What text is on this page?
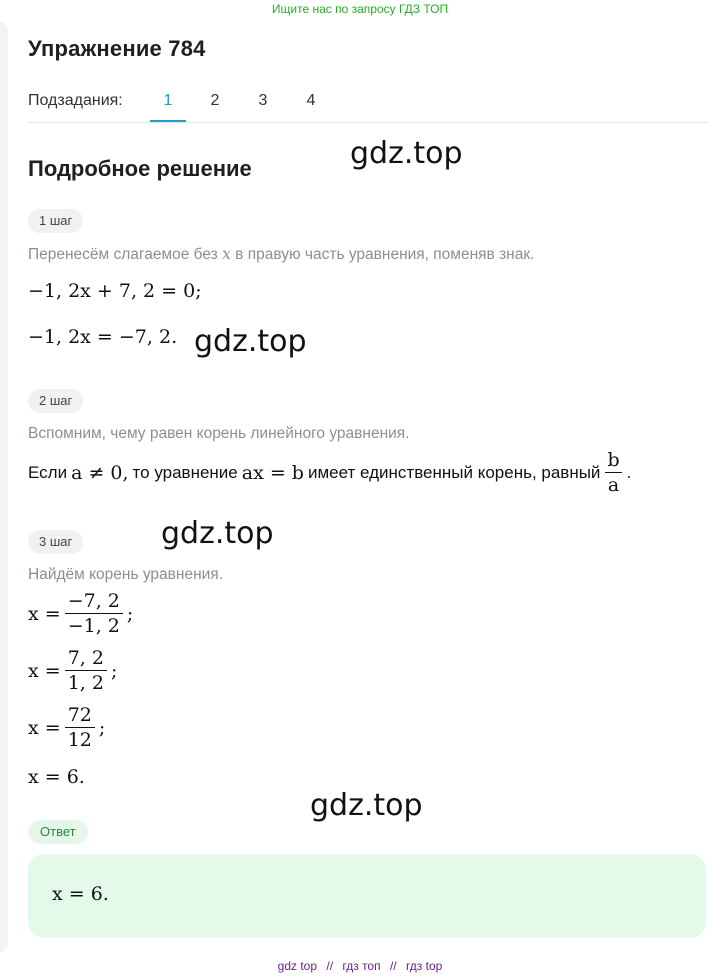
Ищите нас по запросу ГДЗ ТОП
Упражнение 784
Подзадания:	1	2	3	4
Подробное решение	gdz.top
1 шаг
Перенесём слагаемое без x в правую часть уравнения, поменяв знак.
−1, 2x + 7, 2 = 0;
−1, 2x = −7, 2. gdz.top
2 шаг
Вспомним, чему равен корень линейного уравнения.
Если a ≠ 0, то уравнение ax = b имеет единственный корень, равный $\frac{b}{a}$ .
gdz.top
3 шаг
Найдём корень уравнения.
$x = \frac{-7, 2}{-1, 2}$ ;
$x = \frac{7, 2}{1, 2}$ ;
$x = \frac{72}{12}$ ;
x = 6.
gdz.top
Ответ
x = 6.
gdz top // гдз топ // гдз top
